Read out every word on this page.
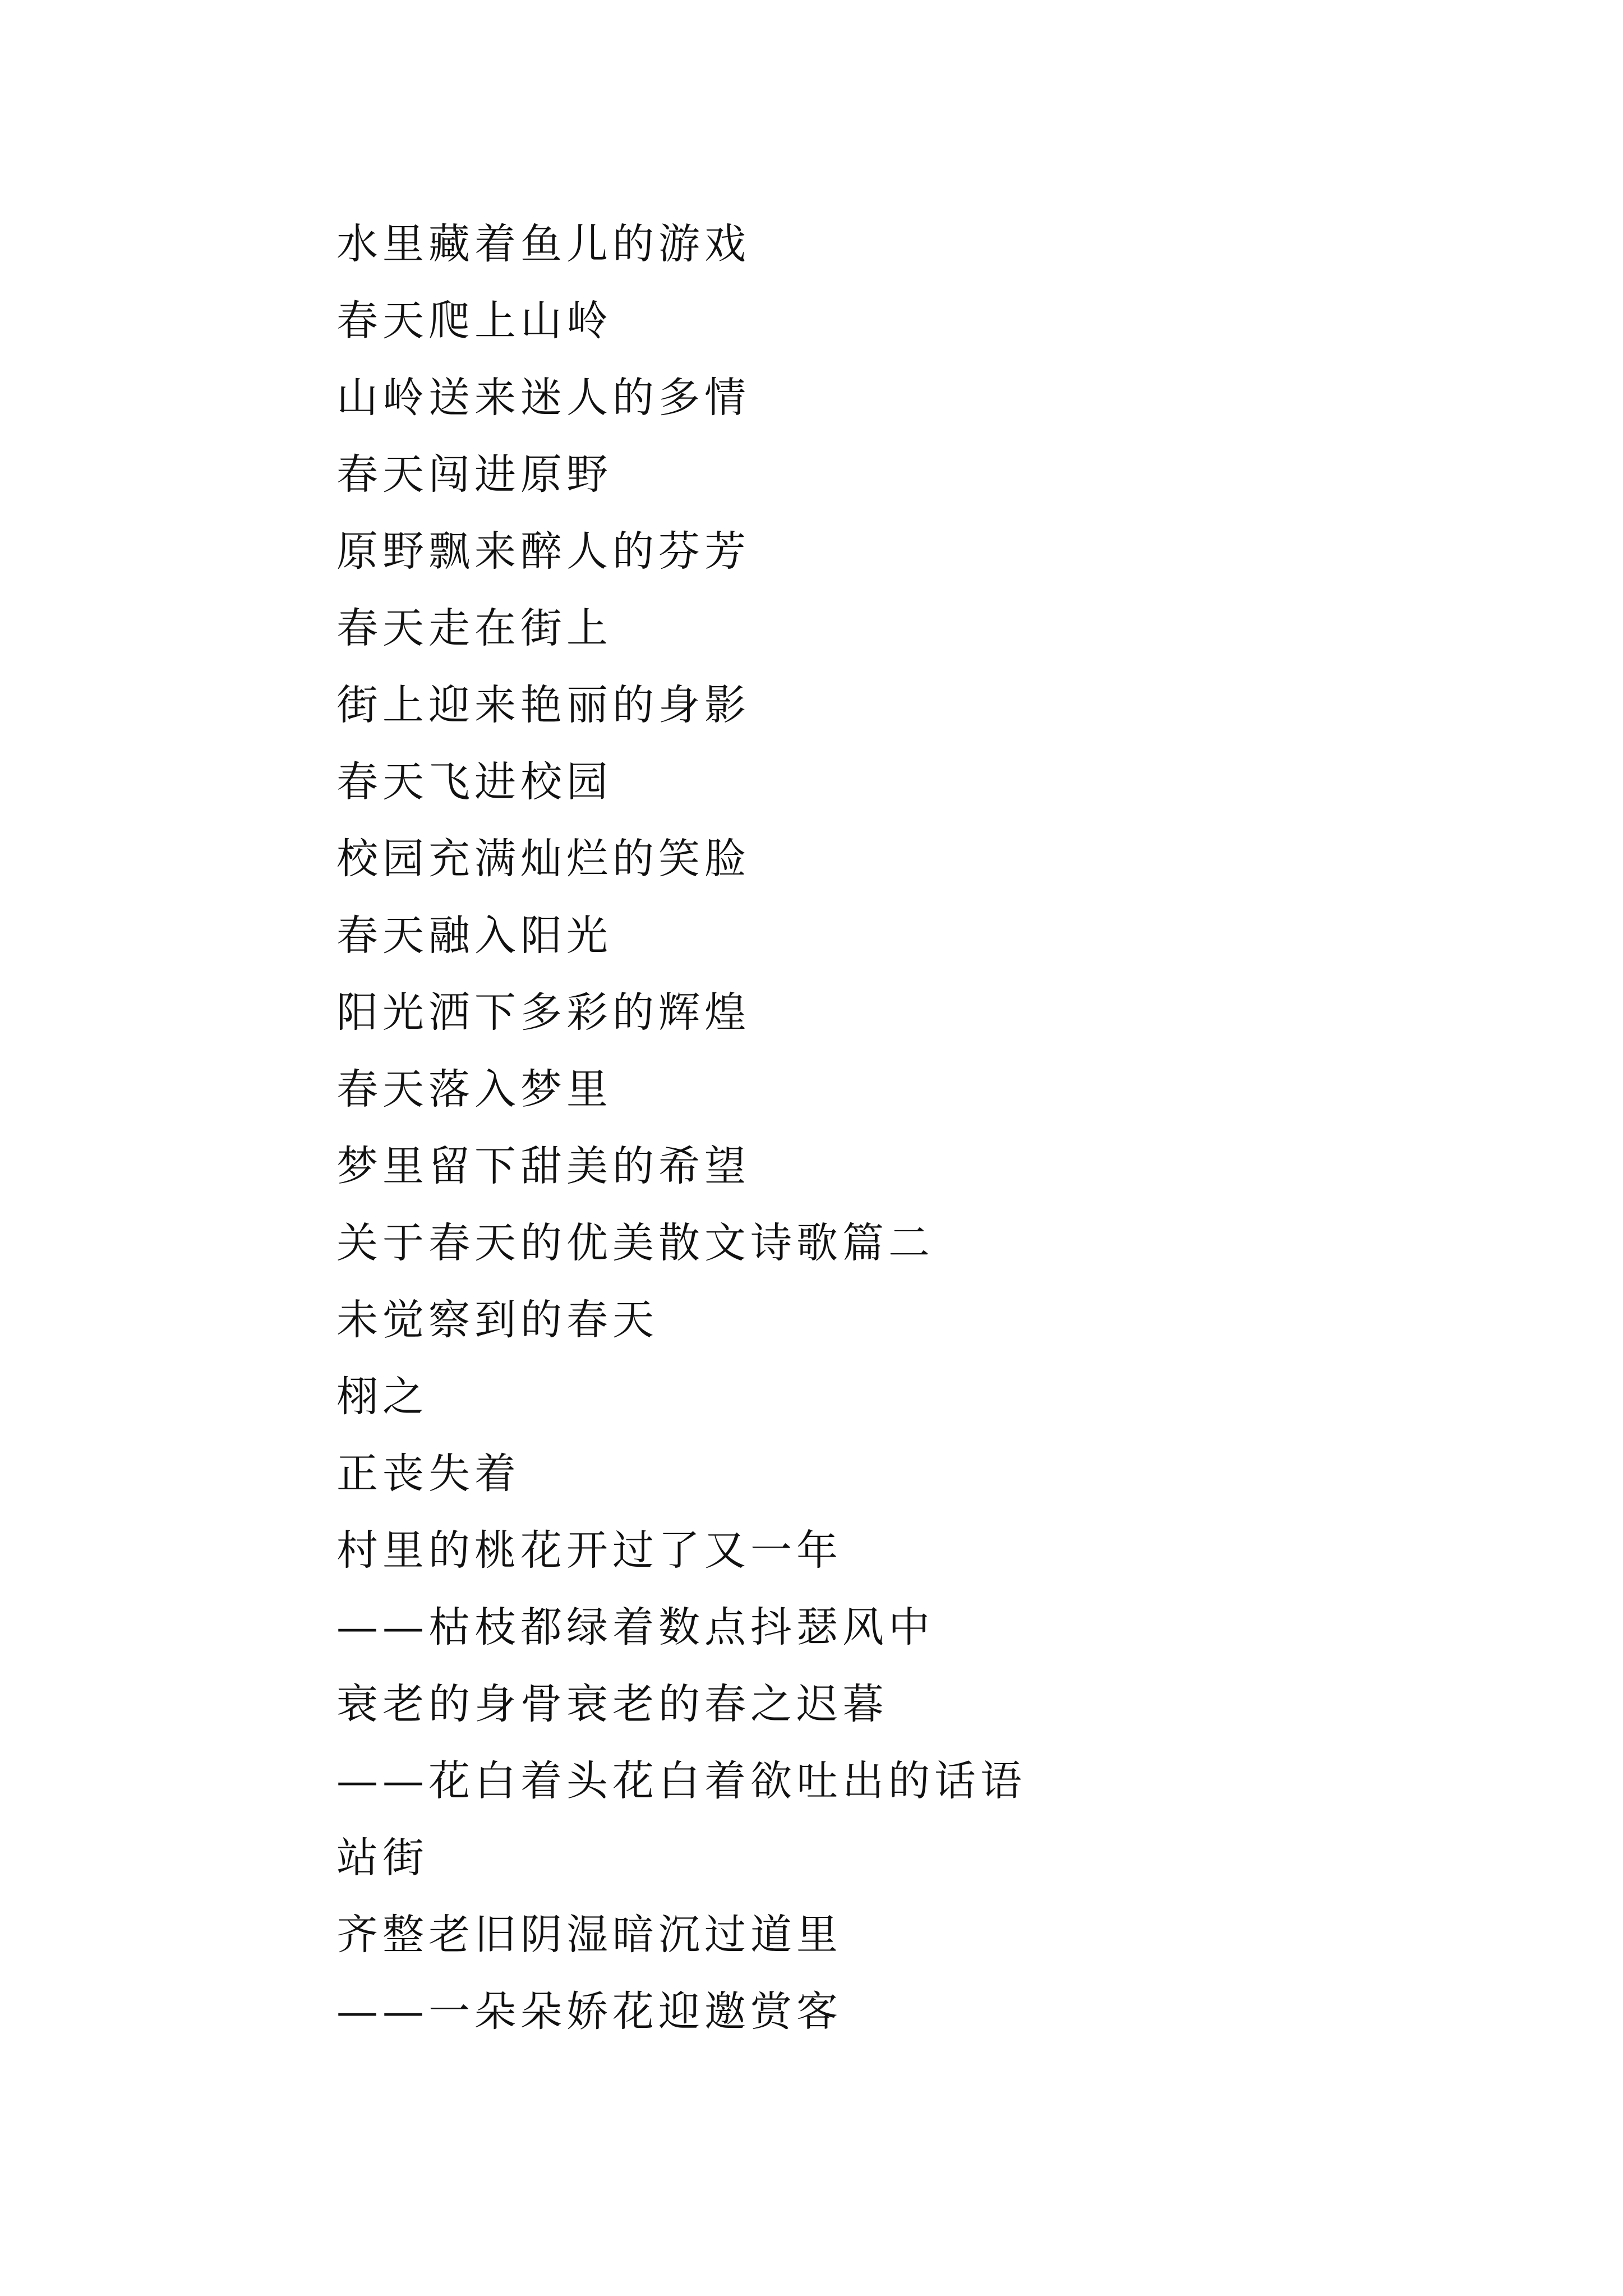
水里藏着鱼儿的游戏
春天爬上山岭
山岭送来迷人的多情
春天闯进原野
原野飘来醉人的芬芳
春天走在街上
街上迎来艳丽的身影
春天飞进校园
校园充满灿烂的笑脸
春天融入阳光
阳光洒下多彩的辉煌
春天落入梦里
梦里留下甜美的希望
关于春天的优美散文诗歌篇二
未觉察到的春天
栩之
正丧失着
村里的桃花开过了又一年
——枯枝都绿着数点抖瑟风中
衰老的身骨衰老的春之迟暮
——花白着头花白着欲吐出的话语
站街
齐整老旧阴湿暗沉过道里
——一朵朵娇花迎邀赏客
